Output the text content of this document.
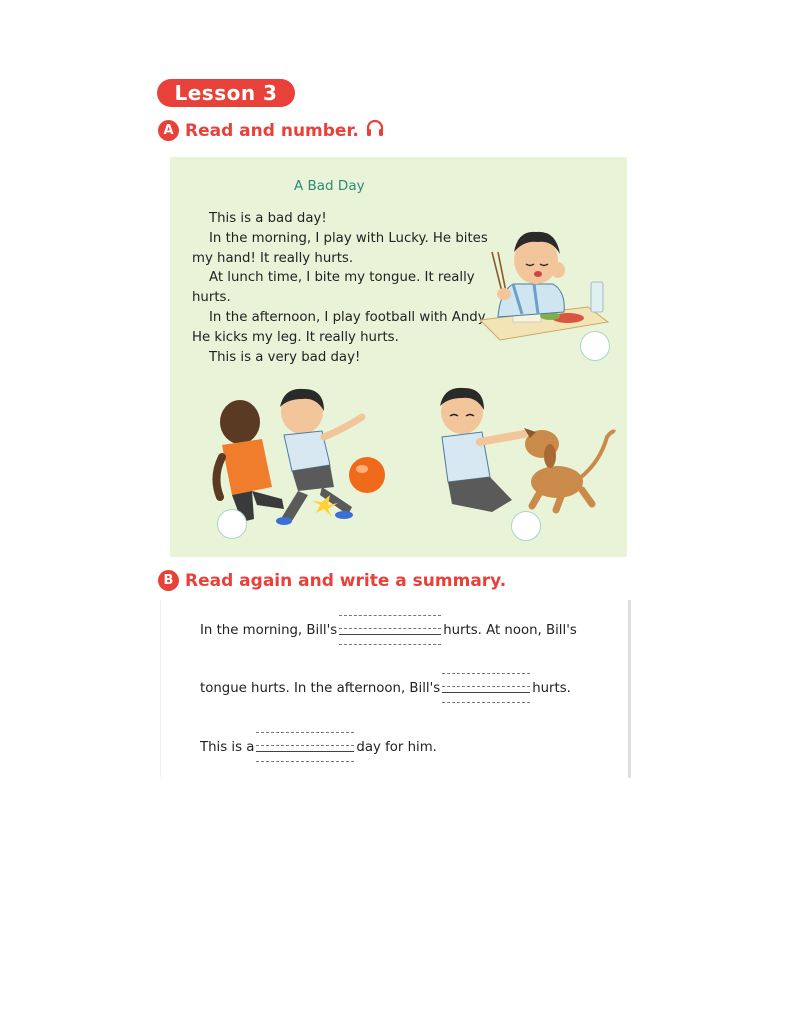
Lesson 3
A Read and number.
A Bad Day

This is a bad day!

In the morning, I play with Lucky. He bites my hand! It really hurts.

At lunch time, I bite my tongue. It really hurts.

In the afternoon, I play football with Andy. He kicks my leg. It really hurts.

This is a very bad day!

B Read again and write a summary.
In the morning, Bill's	hurts. At noon, Bill's
tongue hurts. In the afternoon, Bill's	hurts.
This is a	day for him.
